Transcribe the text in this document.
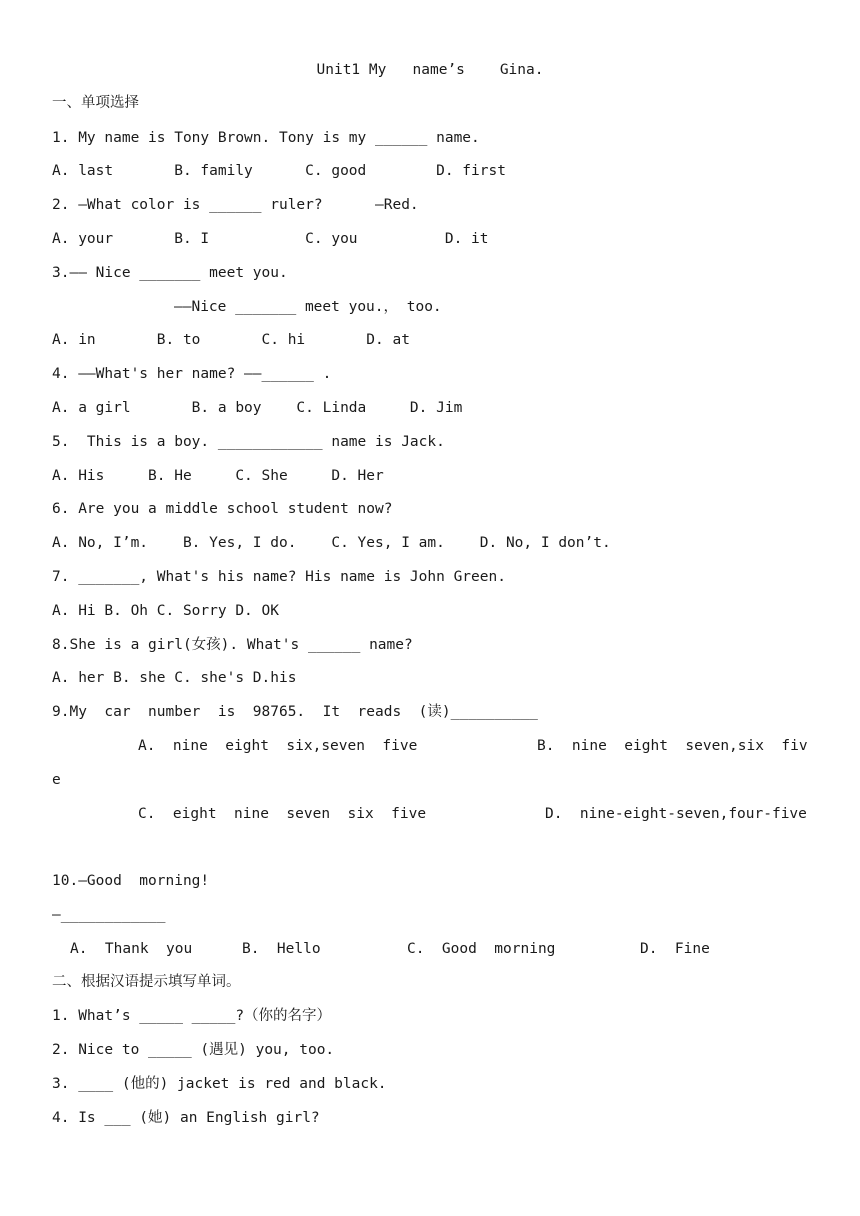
Unit1 My   name’s    Gina.
一、单项选择
1. My name is Tony Brown. Tony is my ______ name.
A. last       B. family      C. good        D. first
2. —What color is ______ ruler?      —Red.
A. your       B. I           C. you          D. it
3.—— Nice _______ meet you.
——Nice _______ meet you.， too.
A. in       B. to       C. hi       D. at
4. ——What's her name? ——______ .
A. a girl       B. a boy    C. Linda     D. Jim
5.  This is a boy. ____________ name is Jack.
A. His     B. He     C. She     D. Her
6. Are you a middle school student now?
A. No, I’m.    B. Yes, I do.    C. Yes, I am.    D. No, I don’t.
7. _______, What's his name? His name is John Green.
A. Hi B. Oh C. Sorry D. OK
8.She is a girl(女孩). What's ______ name?
A. her B. she C. she's D.his
9.My  car  number  is  98765.  It  reads  (读)__________
A.  nine  eight  six,seven  five	B.  nine  eight  seven,six  fiv
e
C.  eight  nine  seven  six  five	D.  nine-eight-seven,four-five
10.—Good  morning!
—____________
A.  Thank  you	B.  Hello	C.  Good  morning	D.  Fine
二、根据汉语提示填写单词。
1. What’s _____ _____?（你的名字）
2. Nice to _____ (遇见) you, too.
3. ____ (他的) jacket is red and black.
4. Is ___ (她) an English girl?
